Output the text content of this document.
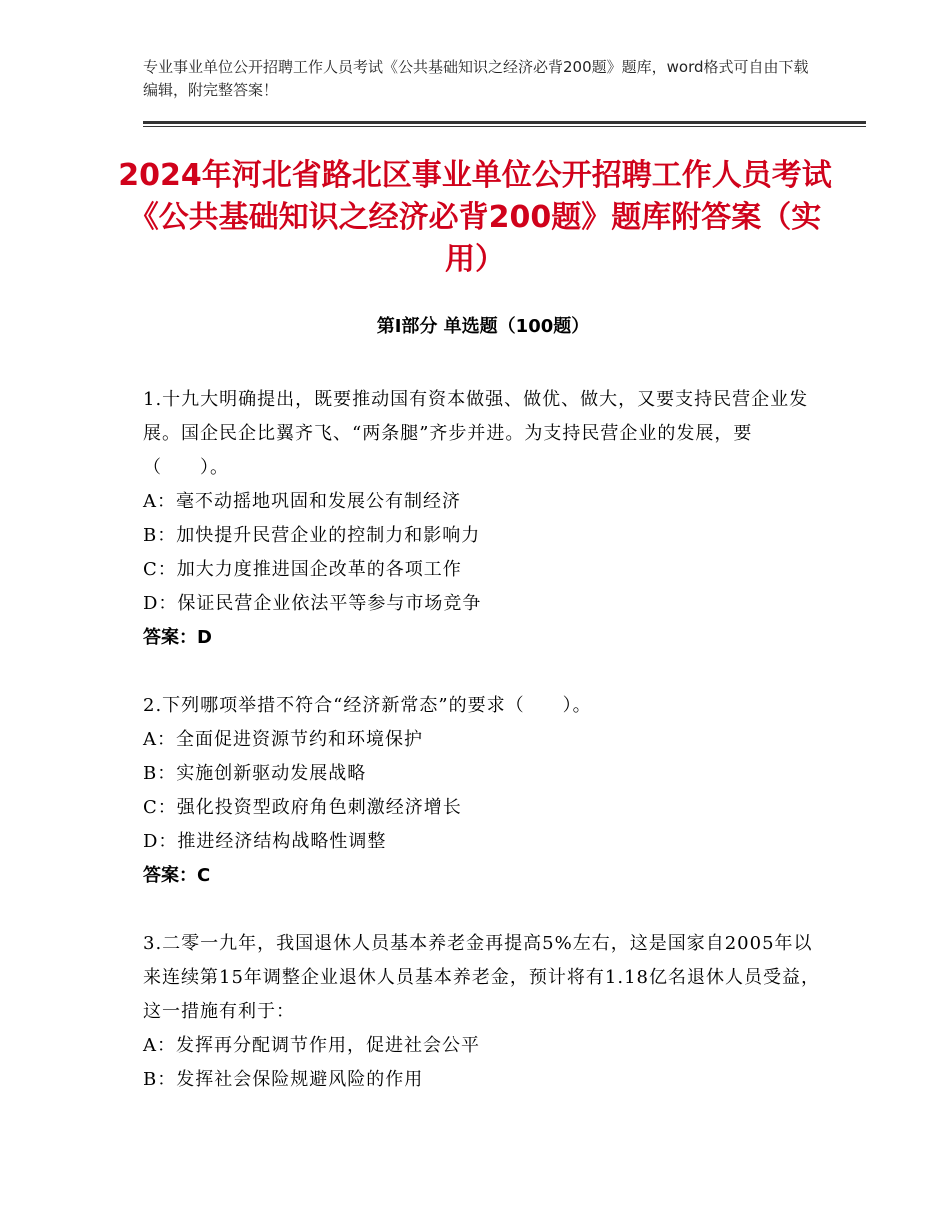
专业事业单位公开招聘工作人员考试《公共基础知识之经济必背200题》题库，word格式可自由下载编辑，附完整答案！
2024年河北省路北区事业单位公开招聘工作人员考试《公共基础知识之经济必背200题》题库附答案（实用）
第Ⅰ部分 单选题（100题）
1.十九大明确提出，既要推动国有资本做强、做优、做大，又要支持民营企业发展。国企民企比翼齐飞、“两条腿”齐步并进。为支持民营企业的发展，要（　　）。
A：毫不动摇地巩固和发展公有制经济
B：加快提升民营企业的控制力和影响力
C：加大力度推进国企改革的各项工作
D：保证民营企业依法平等参与市场竞争
答案：D
2.下列哪项举措不符合“经济新常态”的要求（　　）。
A：全面促进资源节约和环境保护
B：实施创新驱动发展战略
C：强化投资型政府角色刺激经济增长
D：推进经济结构战略性调整
答案：C
3.二零一九年，我国退休人员基本养老金再提高5%左右，这是国家自2005年以来连续第15年调整企业退休人员基本养老金，预计将有1.18亿名退休人员受益，这一措施有利于：
A：发挥再分配调节作用，促进社会公平
B：发挥社会保险规避风险的作用
